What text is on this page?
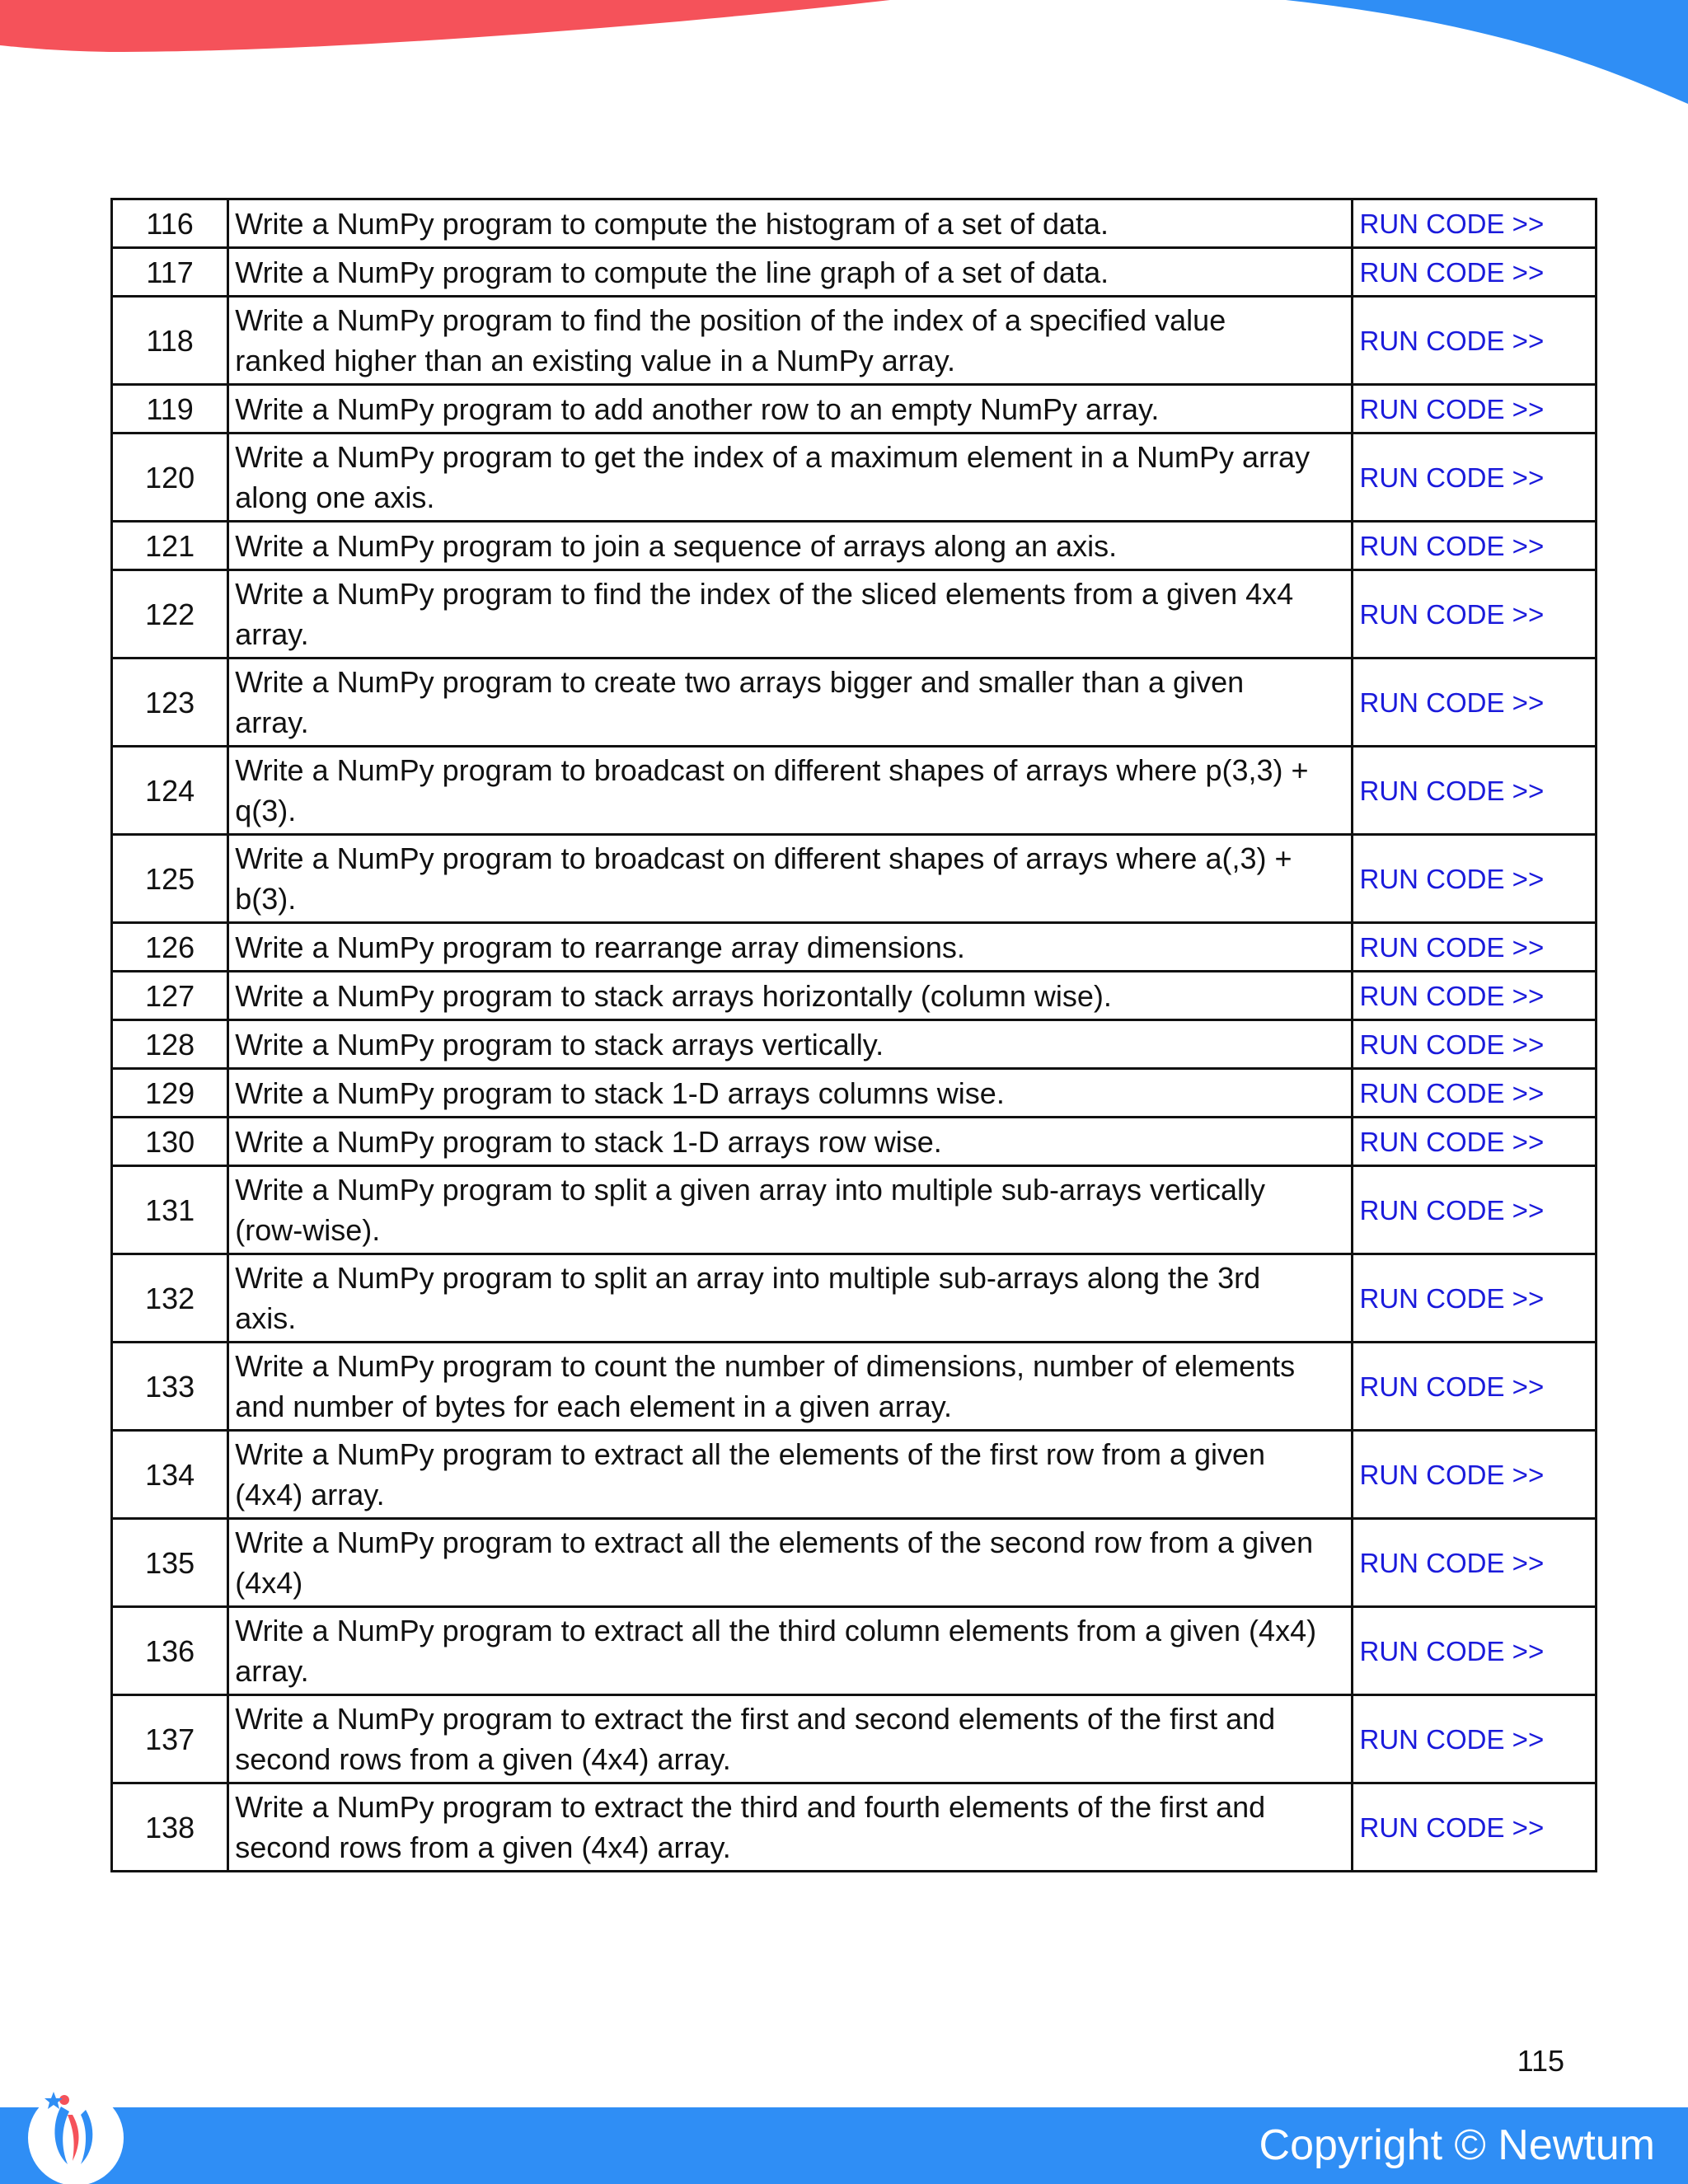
116	Write a NumPy program to compute the histogram of a set of data.	RUN CODE >>
117	Write a NumPy program to compute the line graph of a set of data.	RUN CODE >>
118	Write a NumPy program to find the position of the index of a specified value
ranked higher than an existing value in a NumPy array.	RUN CODE >>
119	Write a NumPy program to add another row to an empty NumPy array.	RUN CODE >>
120	Write a NumPy program to get the index of a maximum element in a NumPy array
along one axis.	RUN CODE >>
121	Write a NumPy program to join a sequence of arrays along an axis.	RUN CODE >>
122	Write a NumPy program to find the index of the sliced elements from a given 4x4
array.	RUN CODE >>
123	Write a NumPy program to create two arrays bigger and smaller than a given
array.	RUN CODE >>
124	Write a NumPy program to broadcast on different shapes of arrays where p(3,3) +
q(3).	RUN CODE >>
125	Write a NumPy program to broadcast on different shapes of arrays where a(,3) +
b(3).	RUN CODE >>
126	Write a NumPy program to rearrange array dimensions.	RUN CODE >>
127	Write a NumPy program to stack arrays horizontally (column wise).	RUN CODE >>
128	Write a NumPy program to stack arrays vertically.	RUN CODE >>
129	Write a NumPy program to stack 1-D arrays columns wise.	RUN CODE >>
130	Write a NumPy program to stack 1-D arrays row wise.	RUN CODE >>
131	Write a NumPy program to split a given array into multiple sub-arrays vertically
(row-wise).	RUN CODE >>
132	Write a NumPy program to split an array into multiple sub-arrays along the 3rd
axis.	RUN CODE >>
133	Write a NumPy program to count the number of dimensions, number of elements
and number of bytes for each element in a given array.	RUN CODE >>
134	Write a NumPy program to extract all the elements of the first row from a given
(4x4) array.	RUN CODE >>
135	Write a NumPy program to extract all the elements of the second row from a given
(4x4)	RUN CODE >>
136	Write a NumPy program to extract all the third column elements from a given (4x4)
array.	RUN CODE >>
137	Write a NumPy program to extract the first and second elements of the first and
second rows from a given (4x4) array.	RUN CODE >>
138	Write a NumPy program to extract the third and fourth elements of the first and
second rows from a given (4x4) array.	RUN CODE >>
115
Copyright © Newtum
